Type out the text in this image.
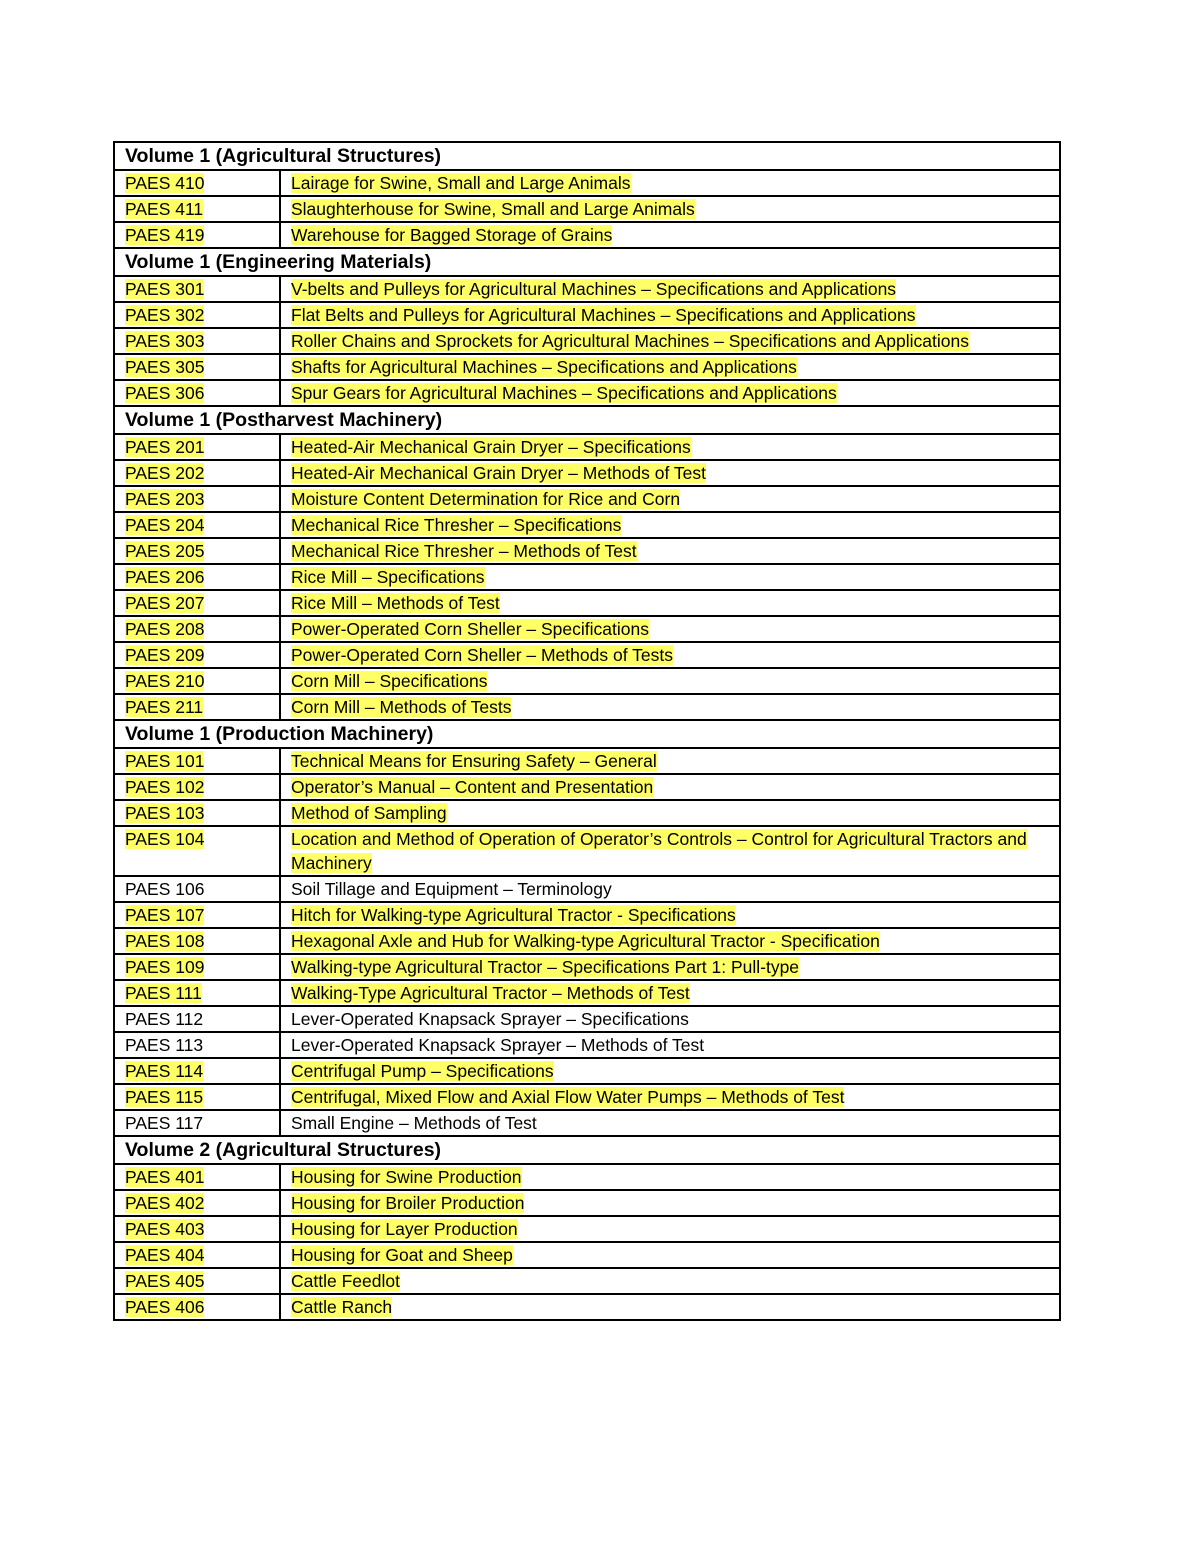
Volume 1 (Agricultural Structures)	
PAES 410	Lairage for Swine, Small and Large Animals
PAES 411	Slaughterhouse for Swine, Small and Large Animals
PAES 419	Warehouse for Bagged Storage of Grains
Volume 1 (Engineering Materials)	
PAES 301	V-belts and Pulleys for Agricultural Machines – Specifications and Applications
PAES 302	Flat Belts and Pulleys for Agricultural Machines – Specifications and Applications
PAES 303	Roller Chains and Sprockets for Agricultural Machines – Specifications and Applications
PAES 305	Shafts for Agricultural Machines – Specifications and Applications
PAES 306	Spur Gears for Agricultural Machines – Specifications and Applications
Volume 1 (Postharvest Machinery)	
PAES 201	Heated-Air Mechanical Grain Dryer – Specifications
PAES 202	Heated-Air Mechanical Grain Dryer – Methods of Test
PAES 203	Moisture Content Determination for Rice and Corn
PAES 204	Mechanical Rice Thresher – Specifications
PAES 205	Mechanical Rice Thresher – Methods of Test
PAES 206	Rice Mill – Specifications
PAES 207	Rice Mill – Methods of Test
PAES 208	Power-Operated Corn Sheller – Specifications
PAES 209	Power-Operated Corn Sheller – Methods of Tests
PAES 210	Corn Mill – Specifications
PAES 211	Corn Mill – Methods of Tests
Volume 1 (Production Machinery)	
PAES 101	Technical Means for Ensuring Safety – General
PAES 102	Operator’s Manual – Content and Presentation
PAES 103	Method of Sampling
PAES 104	Location and Method of Operation of Operator’s Controls – Control for Agricultural Tractors and Machinery
PAES 106	Soil Tillage and Equipment – Terminology
PAES 107	Hitch for Walking-type Agricultural Tractor - Specifications
PAES 108	Hexagonal Axle and Hub for Walking-type Agricultural Tractor - Specification
PAES 109	Walking-type Agricultural Tractor – Specifications Part 1: Pull-type
PAES 111	Walking-Type Agricultural Tractor – Methods of Test
PAES 112	Lever-Operated Knapsack Sprayer – Specifications
PAES 113	Lever-Operated Knapsack Sprayer – Methods of Test
PAES 114	Centrifugal Pump – Specifications
PAES 115	Centrifugal, Mixed Flow and Axial Flow Water Pumps – Methods of Test
PAES 117	Small Engine – Methods of Test
Volume 2 (Agricultural Structures)	
PAES 401	Housing for Swine Production
PAES 402	Housing for Broiler Production
PAES 403	Housing for Layer Production
PAES 404	Housing for Goat and Sheep
PAES 405	Cattle Feedlot
PAES 406	Cattle Ranch
